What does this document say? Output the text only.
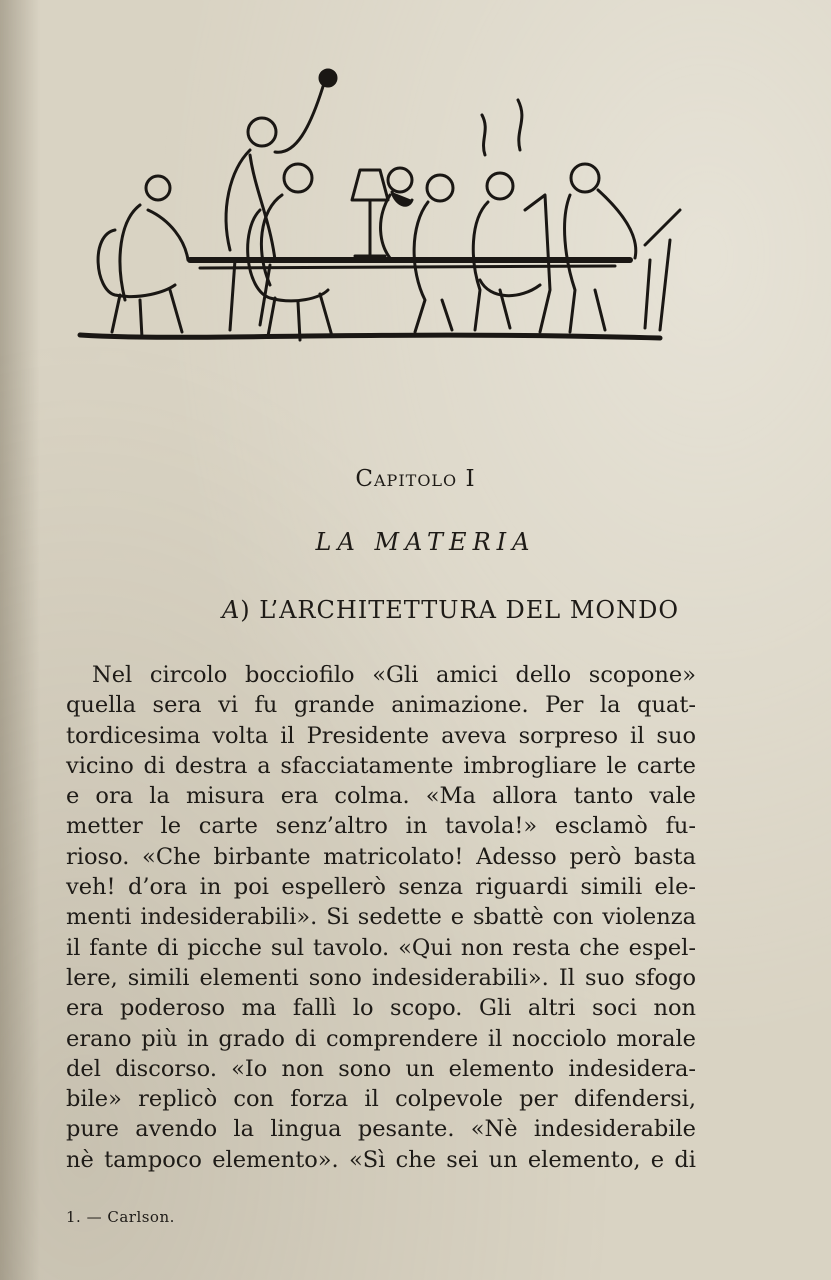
Capitolo I
LA MATERIA
A) L’ARCHITETTURA DEL MONDO
Nel circolo bocciofilo «Gli amici dello scopone»
quella sera vi fu grande animazione. Per la quat-
tordicesima volta il Presidente aveva sorpreso il suo
vicino di destra a sfacciatamente imbrogliare le carte
e ora la misura era colma. «Ma allora tanto vale
metter le carte senz’altro in tavola!» esclamò fu-
rioso. «Che birbante matricolato! Adesso però basta
veh! d’ora in poi espellerò senza riguardi simili ele-
menti indesiderabili». Si sedette e sbattè con violenza
il fante di picche sul tavolo. «Qui non resta che espel-
lere, simili elementi sono indesiderabili». Il suo sfogo
era poderoso ma fallì lo scopo. Gli altri soci non
erano più in grado di comprendere il nocciolo morale
del discorso. «Io non sono un elemento indesidera-
bile» replicò con forza il colpevole per difendersi,
pure avendo la lingua pesante. «Nè indesiderabile
nè tampoco elemento». «Sì che sei un elemento, e di
1. — Carlson.
